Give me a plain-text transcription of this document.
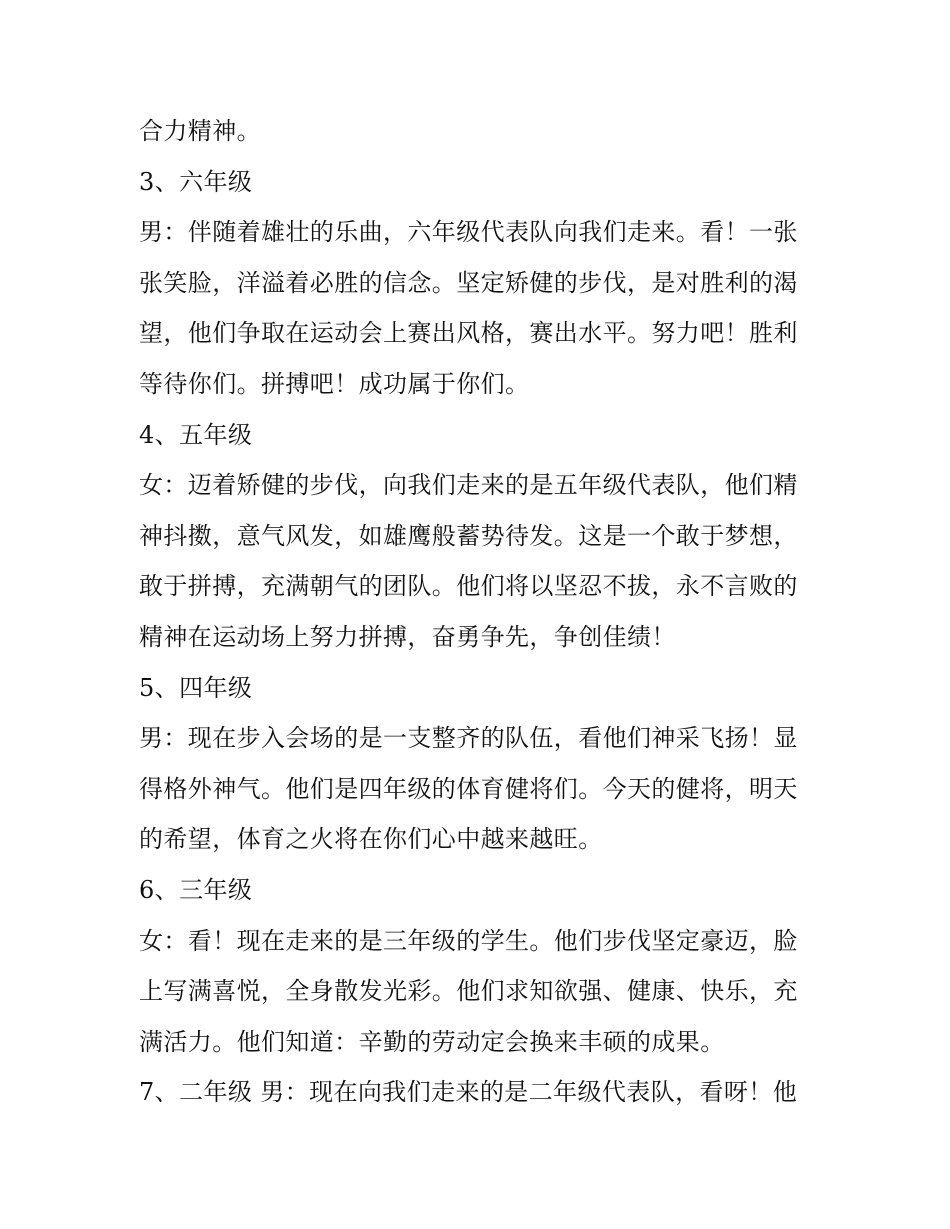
合力精神。
3、六年级
男：伴随着雄壮的乐曲，六年级代表队向我们走来。看！一张
张笑脸，洋溢着必胜的信念。坚定矫健的步伐，是对胜利的渴
望，他们争取在运动会上赛出风格，赛出水平。努力吧！胜利
等待你们。拼搏吧！成功属于你们。
4、五年级
女：迈着矫健的步伐，向我们走来的是五年级代表队，他们精
神抖擞，意气风发，如雄鹰般蓄势待发。这是一个敢于梦想，
敢于拼搏，充满朝气的团队。他们将以坚忍不拔，永不言败的
精神在运动场上努力拼搏，奋勇争先，争创佳绩！
5、四年级
男：现在步入会场的是一支整齐的队伍，看他们神采飞扬！显
得格外神气。他们是四年级的体育健将们。今天的健将，明天
的希望，体育之火将在你们心中越来越旺。
6、三年级
女：看！现在走来的是三年级的学生。他们步伐坚定豪迈，脸
上写满喜悦，全身散发光彩。他们求知欲强、健康、快乐，充
满活力。他们知道：辛勤的劳动定会换来丰硕的成果。
7、二年级 男：现在向我们走来的是二年级代表队，看呀！他
